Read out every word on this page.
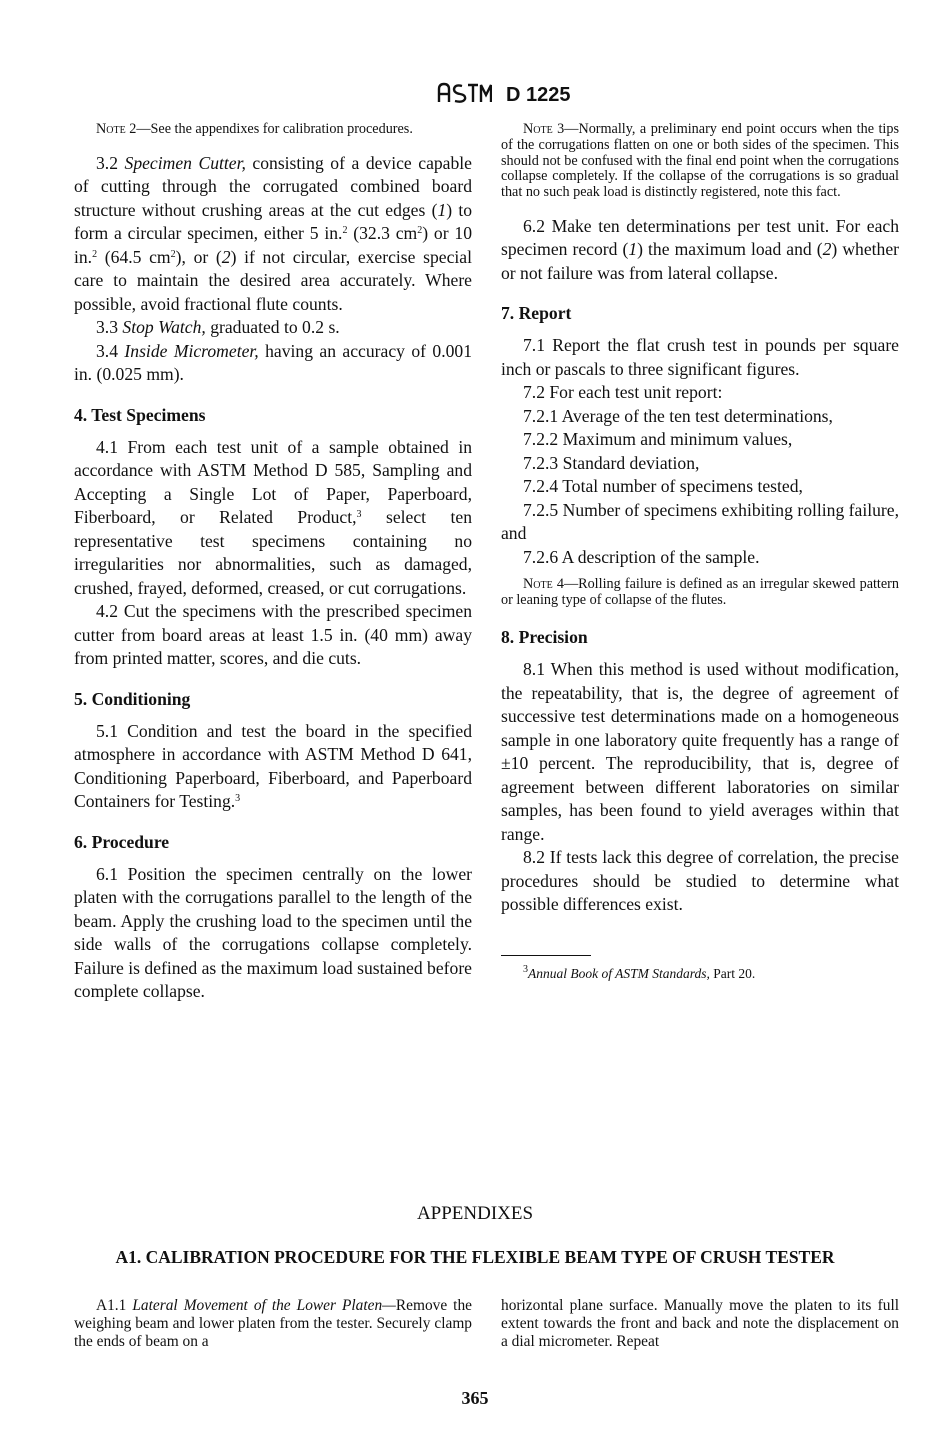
D 1225

Note 2—See the appendixes for calibration procedures.

3.2 Specimen Cutter, consisting of a device capable of cutting through the corrugated combined board structure without crushing areas at the cut edges (1) to form a circular specimen, either 5 in.$^2$ (32.3 $cm^2$) or 10 in.$^2$ (64.5 $cm^2$), or (2) if not circular, exercise special care to maintain the desired area accurately. Where possible, avoid fractional flute counts.

3.3 Stop Watch, graduated to 0.2 s.

3.4 Inside Micrometer, having an accuracy of 0.001 in. (0.025 mm).

4. Test Specimens

4.1 From each test unit of a sample obtained in accordance with ASTM Method D 585, Sampling and Accepting a Single Lot of Paper, Paperboard, Fiberboard, or Related Product,$^3$ select ten representative test specimens containing no irregularities nor abnormalities, such as damaged, crushed, frayed, deformed, creased, or cut corrugations.

4.2 Cut the specimens with the prescribed specimen cutter from board areas at least 1.5 in. (40 mm) away from printed matter, scores, and die cuts.

5. Conditioning

5.1 Condition and test the board in the specified atmosphere in accordance with ASTM Method D 641, Conditioning Paperboard, Fiberboard, and Paperboard Containers for Testing.$^3$

6. Procedure

6.1 Position the specimen centrally on the lower platen with the corrugations parallel to the length of the beam. Apply the crushing load to the specimen until the side walls of the corrugations collapse completely. Failure is defined as the maximum load sustained before complete collapse.

Note 3—Normally, a preliminary end point occurs when the tips of the corrugations flatten on one or both sides of the specimen. This should not be confused with the final end point when the corrugations collapse completely. If the collapse of the corrugations is so gradual that no such peak load is distinctly registered, note this fact.

6.2 Make ten determinations per test unit. For each specimen record (1) the maximum load and (2) whether or not failure was from lateral collapse.

7. Report

7.1 Report the flat crush test in pounds per square inch or pascals to three significant figures.

7.2 For each test unit report:

7.2.1 Average of the ten test determinations,

7.2.2 Maximum and minimum values,

7.2.3 Standard deviation,

7.2.4 Total number of specimens tested,

7.2.5 Number of specimens exhibiting rolling failure, and

7.2.6 A description of the sample.

Note 4—Rolling failure is defined as an irregular skewed pattern or leaning type of collapse of the flutes.

8. Precision

8.1 When this method is used without modification, the repeatability, that is, the degree of agreement of successive test determinations made on a homogeneous sample in one laboratory quite frequently has a range of ±10 percent. The reproducibility, that is, degree of agreement between different laboratories on similar samples, has been found to yield averages within that range.

8.2 If tests lack this degree of correlation, the precise procedures should be studied to determine what possible differences exist.

$^3$Annual Book of ASTM Standards, Part 20.

APPENDIXES
A1. CALIBRATION PROCEDURE FOR THE FLEXIBLE BEAM TYPE OF CRUSH TESTER

A1.1 Lateral Movement of the Lower Platen—Remove the weighing beam and lower platen from the tester. Securely clamp the ends of beam on a

horizontal plane surface. Manually move the platen to its full extent towards the front and back and note the displacement on a dial micrometer. Repeat

365
